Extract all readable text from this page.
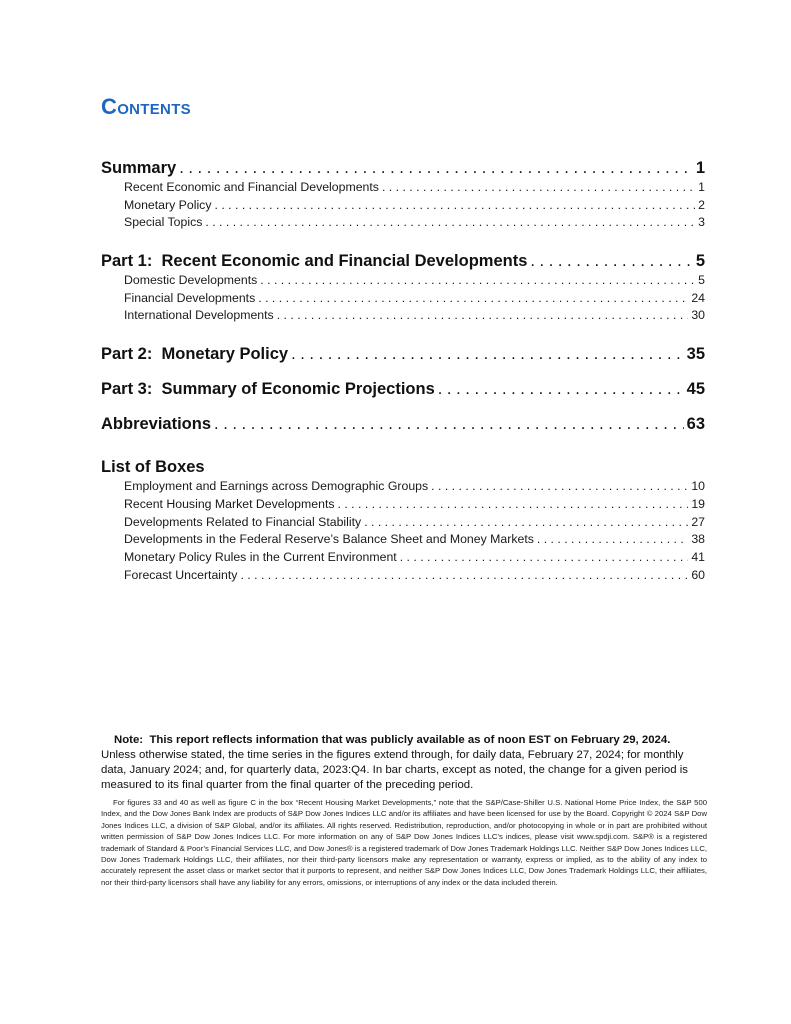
Contents
Summary . . .	1
Recent Economic and Financial Developments . . .	1
Monetary Policy . . .	2
Special Topics . . .	3
Part 1:  Recent Economic and Financial Developments . . .	5
Domestic Developments . . .	5
Financial Developments . . .	24
International Developments . . .	30
Part 2:  Monetary Policy . . .	35
Part 3:  Summary of Economic Projections . . .	45
Abbreviations . . .	63
List of Boxes
Employment and Earnings across Demographic Groups . . .	10
Recent Housing Market Developments . . .	19
Developments Related to Financial Stability . . .	27
Developments in the Federal Reserve’s Balance Sheet and Money Markets . . .	38
Monetary Policy Rules in the Current Environment . . .	41
Forecast Uncertainty . . .	60

Note: This report reflects information that was publicly available as of noon EST on February 29, 2024.

Unless otherwise stated, the time series in the figures extend through, for daily data, February 27, 2024; for monthly data, January 2024; and, for quarterly data, 2023:Q4. In bar charts, except as noted, the change for a given period is measured to its final quarter from the final quarter of the preceding period.

For figures 33 and 40 as well as figure C in the box “Recent Housing Market Developments,” note that the S&P/Case-Shiller U.S. National Home Price Index, the S&P 500 Index, and the Dow Jones Bank Index are products of S&P Dow Jones Indices LLC and/or its affiliates and have been licensed for use by the Board. Copyright © 2024 S&P Dow Jones Indices LLC, a division of S&P Global, and/or its affiliates. All rights reserved. Redistribution, reproduction, and/or photocopying in whole or in part are prohibited without written permission of S&P Dow Jones Indices LLC. For more information on any of S&P Dow Jones Indices LLC’s indices, please visit www.spdji.com. S&P® is a registered trademark of Standard & Poor’s Financial Services LLC, and Dow Jones® is a registered trademark of Dow Jones Trademark Holdings LLC. Neither S&P Dow Jones Indices LLC, Dow Jones Trademark Holdings LLC, their affiliates, nor their third-party licensors make any representation or warranty, express or implied, as to the ability of any index to accurately represent the asset class or market sector that it purports to represent, and neither S&P Dow Jones Indices LLC, Dow Jones Trademark Holdings LLC, their affiliates, nor their third-party licensors shall have any liability for any errors, omissions, or interruptions of any index or the data included therein.
